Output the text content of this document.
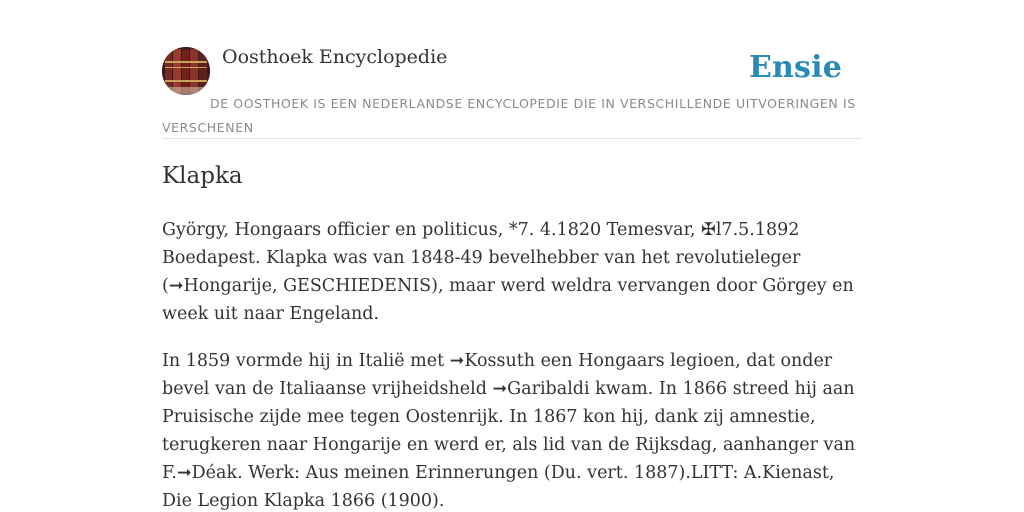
Oosthoek Encyclopedie	Ensie
DE OOSTHOEK IS EEN NEDERLANDSE ENCYCLOPEDIE DIE IN VERSCHILLENDE UITVOERINGEN IS VERSCHENEN
Klapka

György, Hongaars officier en politicus, *7. 4.1820 Temesvar, ✠l7.5.1892 Boedapest. Klapka was van 1848-49 bevelhebber van het revolutieleger (➞Hongarije, GESCHIEDENIS), maar werd weldra vervangen door Görgey en week uit naar Engeland.

In 1859 vormde hij in Italië met ➞Kossuth een Hongaars legioen, dat onder bevel van de Italiaanse vrijheidsheld ➞Garibaldi kwam. In 1866 streed hij aan Pruisische zijde mee tegen Oostenrijk. In 1867 kon hij, dank zij amnestie, terugkeren naar Hongarije en werd er, als lid van de Rijksdag, aanhanger van F.➞Déak. Werk: Aus meinen Erinnerungen (Du. vert. 1887).LITT: A.Kienast, Die Legion Klapka 1866 (1900).
